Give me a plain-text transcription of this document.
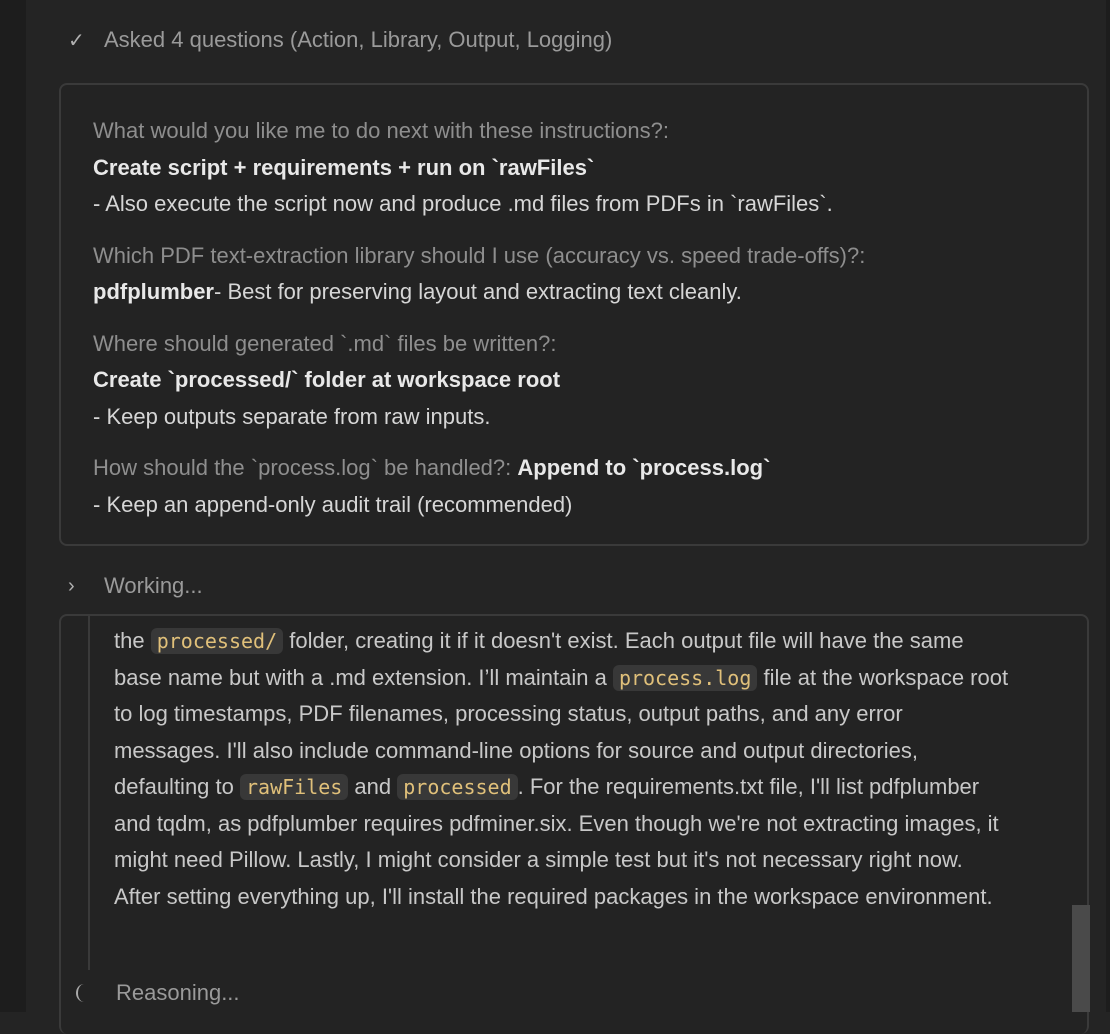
✓ Asked 4 questions (Action, Library, Output, Logging)
What would you like me to do next with these instructions?:
Create script + requirements + run on `rawFiles`
- Also execute the script now and produce .md files from PDFs in `rawFiles`.
Which PDF text-extraction library should I use (accuracy vs. speed trade-offs)?:
pdfplumber- Best for preserving layout and extracting text cleanly.
Where should generated `.md` files be written?:
Create `processed/` folder at workspace root
- Keep outputs separate from raw inputs.
How should the `process.log` be handled?: Append to `process.log`
- Keep an append-only audit trail (recommended)
›	Working...
the processed/ folder, creating it if it doesn't exist. Each output file will have the same base name but with a .md extension. I’ll maintain a process.log file at the workspace root to log timestamps, PDF filenames, processing status, output paths, and any error messages. I'll also include command-line options for source and output directories, defaulting to rawFiles and processed . For the requirements.txt file, I'll list pdfplumber and tqdm, as pdfplumber requires pdfminer.six. Even though we're not extracting images, it might need Pillow. Lastly, I might consider a simple test but it's not necessary right now. After setting everything up, I'll install the required packages in the workspace environment.
Reasoning...
